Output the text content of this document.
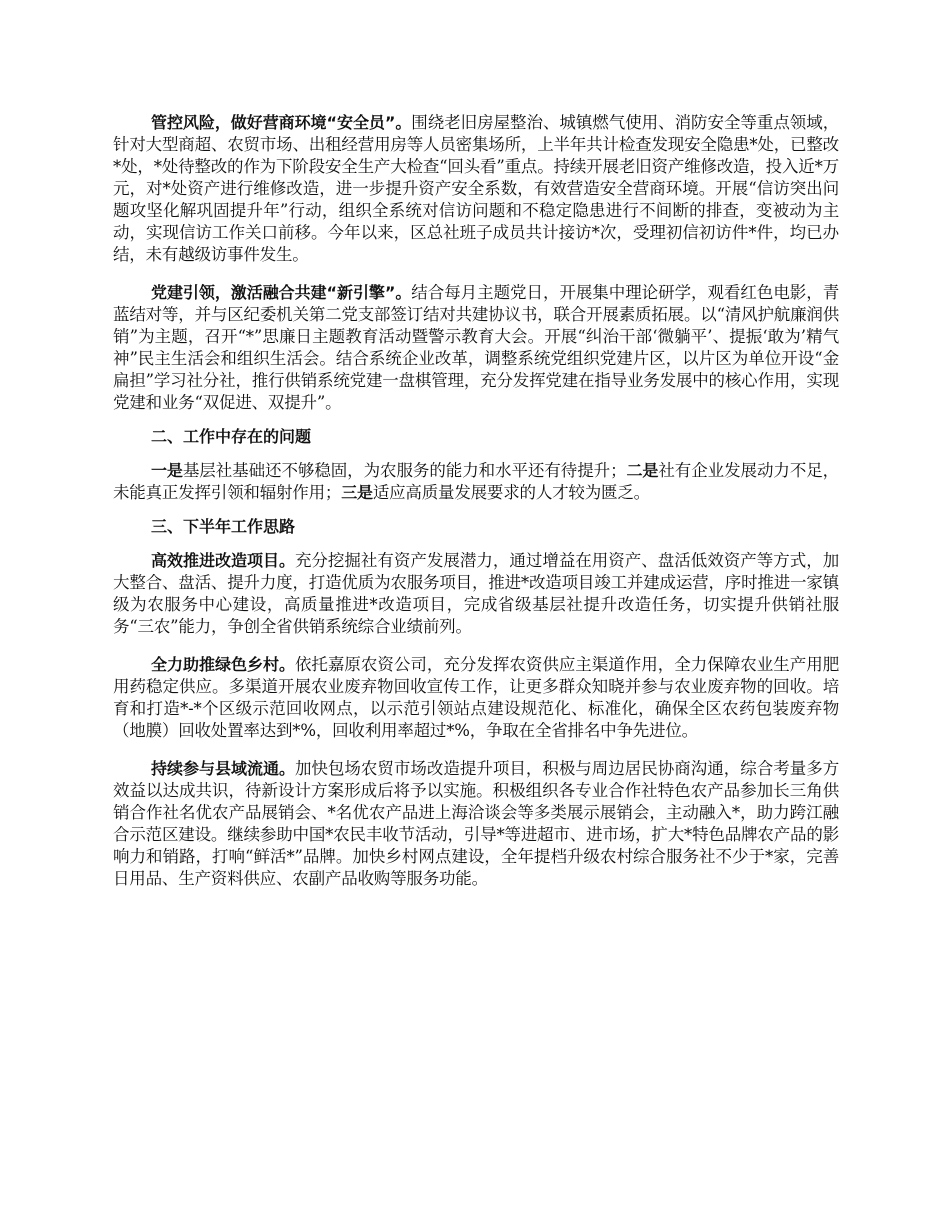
管控风险，做好营商环境“安全员”。围绕老旧房屋整治、城镇燃气使用、消防安全等重点领域，针对大型商超、农贸市场、出租经营用房等人员密集场所，上半年共计检查发现安全隐患*处，已整改*处，*处待整改的作为下阶段安全生产大检查“回头看”重点。持续开展老旧资产维修改造，投入近*万元，对*处资产进行维修改造，进一步提升资产安全系数，有效营造安全营商环境。开展“信访突出问题攻坚化解巩固提升年”行动，组织全系统对信访问题和不稳定隐患进行不间断的排查，变被动为主动，实现信访工作关口前移。今年以来，区总社班子成员共计接访*次，受理初信初访件*件，均已办结，未有越级访事件发生。

党建引领，激活融合共建“新引擎”。结合每月主题党日，开展集中理论研学，观看红色电影，青蓝结对等，并与区纪委机关第二党支部签订结对共建协议书，联合开展素质拓展。以“清风护航廉润供销”为主题，召开“*”思廉日主题教育活动暨警示教育大会。开展“纠治干部‘微躺平’、提振‘敢为’精气神”民主生活会和组织生活会。结合系统企业改革，调整系统党组织党建片区，以片区为单位开设“金扁担”学习社分社，推行供销系统党建一盘棋管理，充分发挥党建在指导业务发展中的核心作用，实现党建和业务“双促进、双提升”。

二、工作中存在的问题

一是基层社基础还不够稳固，为农服务的能力和水平还有待提升；二是社有企业发展动力不足，未能真正发挥引领和辐射作用；三是适应高质量发展要求的人才较为匮乏。

三、下半年工作思路

高效推进改造项目。充分挖掘社有资产发展潜力，通过增益在用资产、盘活低效资产等方式，加大整合、盘活、提升力度，打造优质为农服务项目，推进*改造项目竣工并建成运营，序时推进一家镇级为农服务中心建设，高质量推进*改造项目，完成省级基层社提升改造任务，切实提升供销社服务“三农”能力，争创全省供销系统综合业绩前列。

全力助推绿色乡村。依托嘉原农资公司，充分发挥农资供应主渠道作用，全力保障农业生产用肥用药稳定供应。多渠道开展农业废弃物回收宣传工作，让更多群众知晓并参与农业废弃物的回收。培育和打造*-*个区级示范回收网点，以示范引领站点建设规范化、标准化，确保全区农药包装废弃物（地膜）回收处置率达到*%，回收利用率超过*%，争取在全省排名中争先进位。

持续参与县域流通。加快包场农贸市场改造提升项目，积极与周边居民协商沟通，综合考量多方效益以达成共识，待新设计方案形成后将予以实施。积极组织各专业合作社特色农产品参加长三角供销合作社名优农产品展销会、*名优农产品进上海洽谈会等多类展示展销会，主动融入*，助力跨江融合示范区建设。继续参助中国*农民丰收节活动，引导*等进超市、进市场，扩大*特色品牌农产品的影响力和销路，打响“鲜活*”品牌。加快乡村网点建设，全年提档升级农村综合服务社不少于*家，完善日用品、生产资料供应、农副产品收购等服务功能。
